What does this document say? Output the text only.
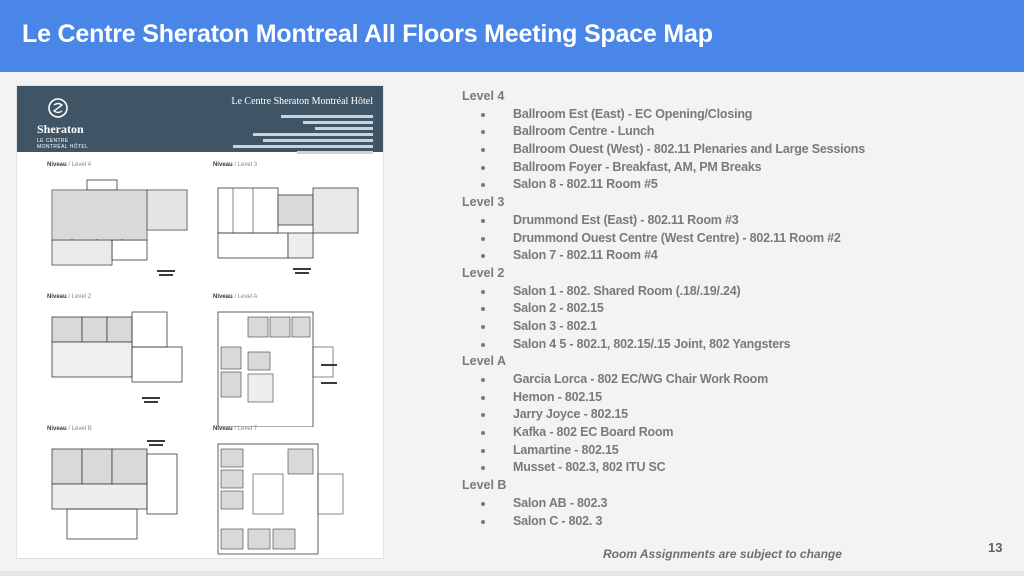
Le Centre Sheraton Montreal All Floors Meeting Space Map
Sheraton
LE CENTRE
MONTRÉAL HÔTEL
Le Centre Sheraton Montréal Hôtel
Niveau / Level 4	Niveau / Level 3
Niveau / Level 2	Niveau / Level A
Niveau / Level B	Niveau / Level 7
Level 4
Ballroom Est (East) - EC Opening/Closing
Ballroom Centre - Lunch
Ballroom Ouest (West) - 802.11 Plenaries and Large Sessions
Ballroom Foyer - Breakfast, AM, PM Breaks
Salon 8 - 802.11 Room #5
Level 3
Drummond Est (East) - 802.11 Room #3
Drummond Ouest Centre (West Centre) - 802.11 Room #2
Salon 7 - 802.11 Room #4
Level 2
Salon 1 - 802. Shared Room (.18/.19/.24)
Salon 2 - 802.15
Salon 3 - 802.1
Salon 4 5 - 802.1, 802.15/.15 Joint, 802 Yangsters
Level A
Garcia Lorca - 802 EC/WG Chair Work Room
Hemon - 802.15
Jarry Joyce - 802.15
Kafka - 802 EC Board Room
Lamartine - 802.15
Musset - 802.3, 802 ITU SC
Level B
Salon AB - 802.3
Salon C - 802. 3
Room Assignments are subject to change	13
